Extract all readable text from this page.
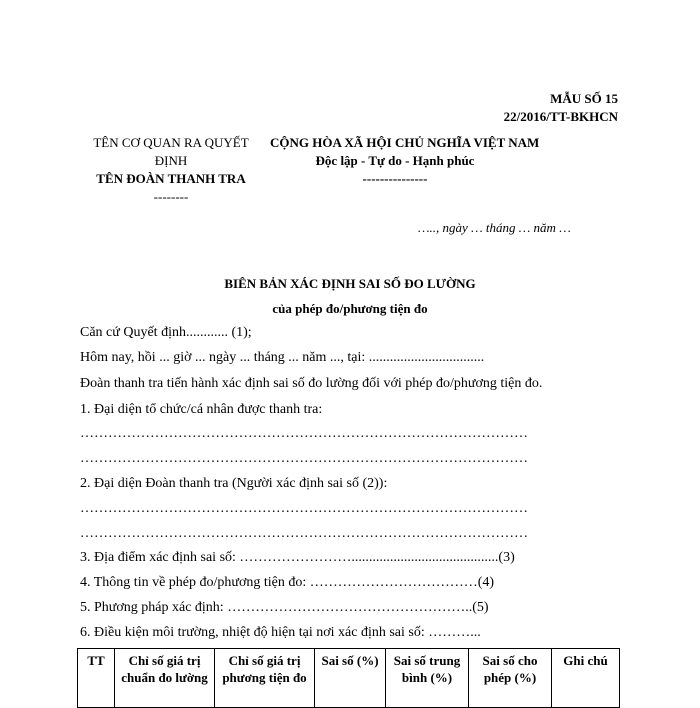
MẪU SỐ 15
22/2016/TT-BKHCN
TÊN CƠ QUAN RA QUYẾT ĐỊNH
TÊN ĐOÀN THANH TRA
--------
CỘNG HÒA XÃ HỘI CHỦ NGHĨA VIỆT NAM
Độc lập - Tự do - Hạnh phúc
---------------
….., ngày … tháng … năm …
BIÊN BẢN XÁC ĐỊNH SAI SỐ ĐO LƯỜNG
của phép đo/phương tiện đo
Căn cứ Quyết định............ (1);
Hôm nay, hồi ... giờ ... ngày ... tháng ... năm ..., tại: .................................
Đoàn thanh tra tiến hành xác định sai số đo lường đối với phép đo/phương tiện đo.
1. Đại diện tổ chức/cá nhân được thanh tra:
……………………………………………………………………………………
……………………………………………………………………………………
2. Đại diện Đoàn thanh tra (Người xác định sai số (2)):
……………………………………………………………………………………
……………………………………………………………………………………
3. Địa điểm xác định sai số: ……………………..........................................(3)
4. Thông tin về phép đo/phương tiện đo: ………………………………(4)
5. Phương pháp xác định: ……………………………………………..(5)
6. Điều kiện môi trường, nhiệt độ hiện tại nơi xác định sai số: ………...
TT	Chỉ số giá trị chuẩn đo lường	Chỉ số giá trị phương tiện đo	Sai số (%)	Sai số trung bình (%)	Sai số cho phép (%)	Ghi chú
